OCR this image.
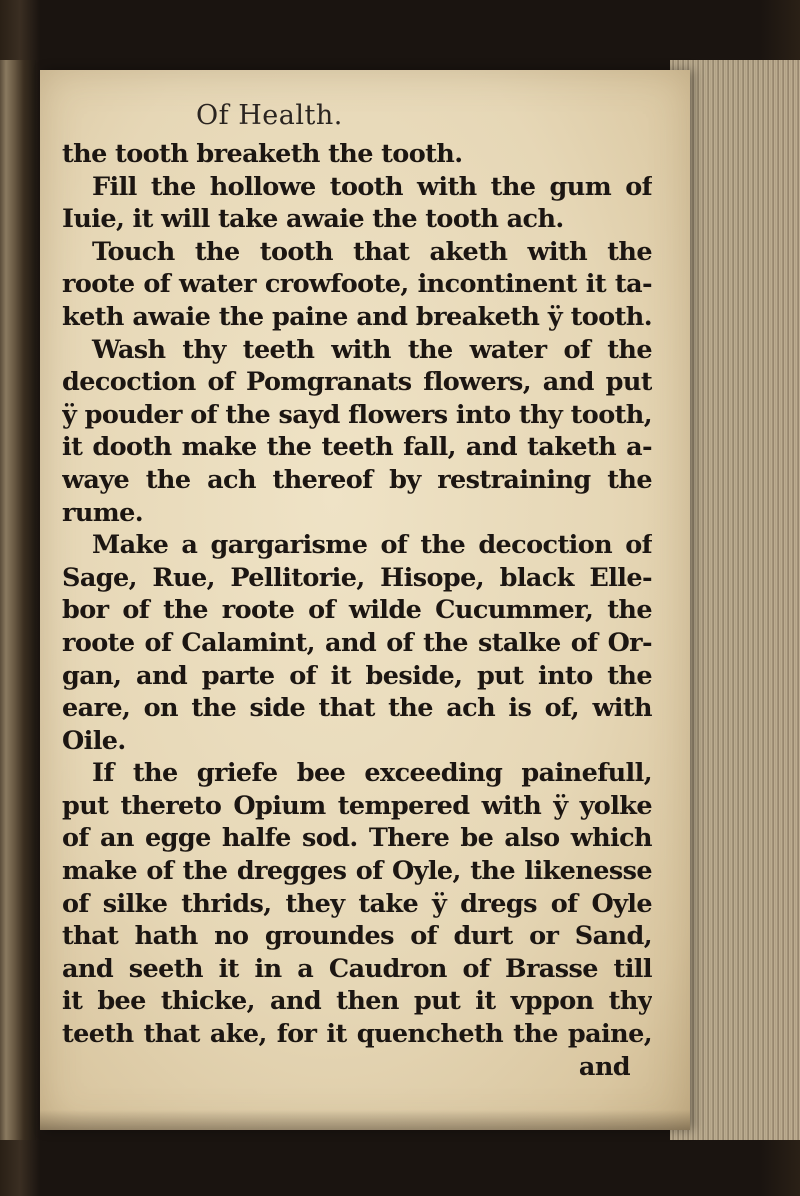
Of Health.
the tooth breaketh the tooth.
Fill the hollowe tooth with the gum of
Iuie, it will take awaie the tooth ach.
Touch the tooth that aketh with the
roote of water crowfoote, incontinent it ta-
keth awaie the paine and breaketh ÿ tooth.
Wash thy teeth with the water of the
decoction of Pomgranats flowers, and put
ÿ pouder of the sayd flowers into thy tooth,
it dooth make the teeth fall, and taketh a-
waye the ach thereof by restraining the
rume.
Make a gargarisme of the decoction of
Sage, Rue, Pellitorie, Hisope, black Elle-
bor of the roote of wilde Cucummer, the
roote of Calamint, and of the stalke of Or-
gan, and parte of it beside, put into the
eare, on the side that the ach is of, with
Oile.
If the griefe bee exceeding painefull,
put thereto Opium tempered with ÿ yolke
of an egge halfe sod. There be also which
make of the dregges of Oyle, the likenesse
of silke thrids, they take ÿ dregs of Oyle
that hath no groundes of durt or Sand,
and seeth it in a Caudron of Brasse till
it bee thicke, and then put it vppon thy
teeth that ake, for it quencheth the paine,
and
